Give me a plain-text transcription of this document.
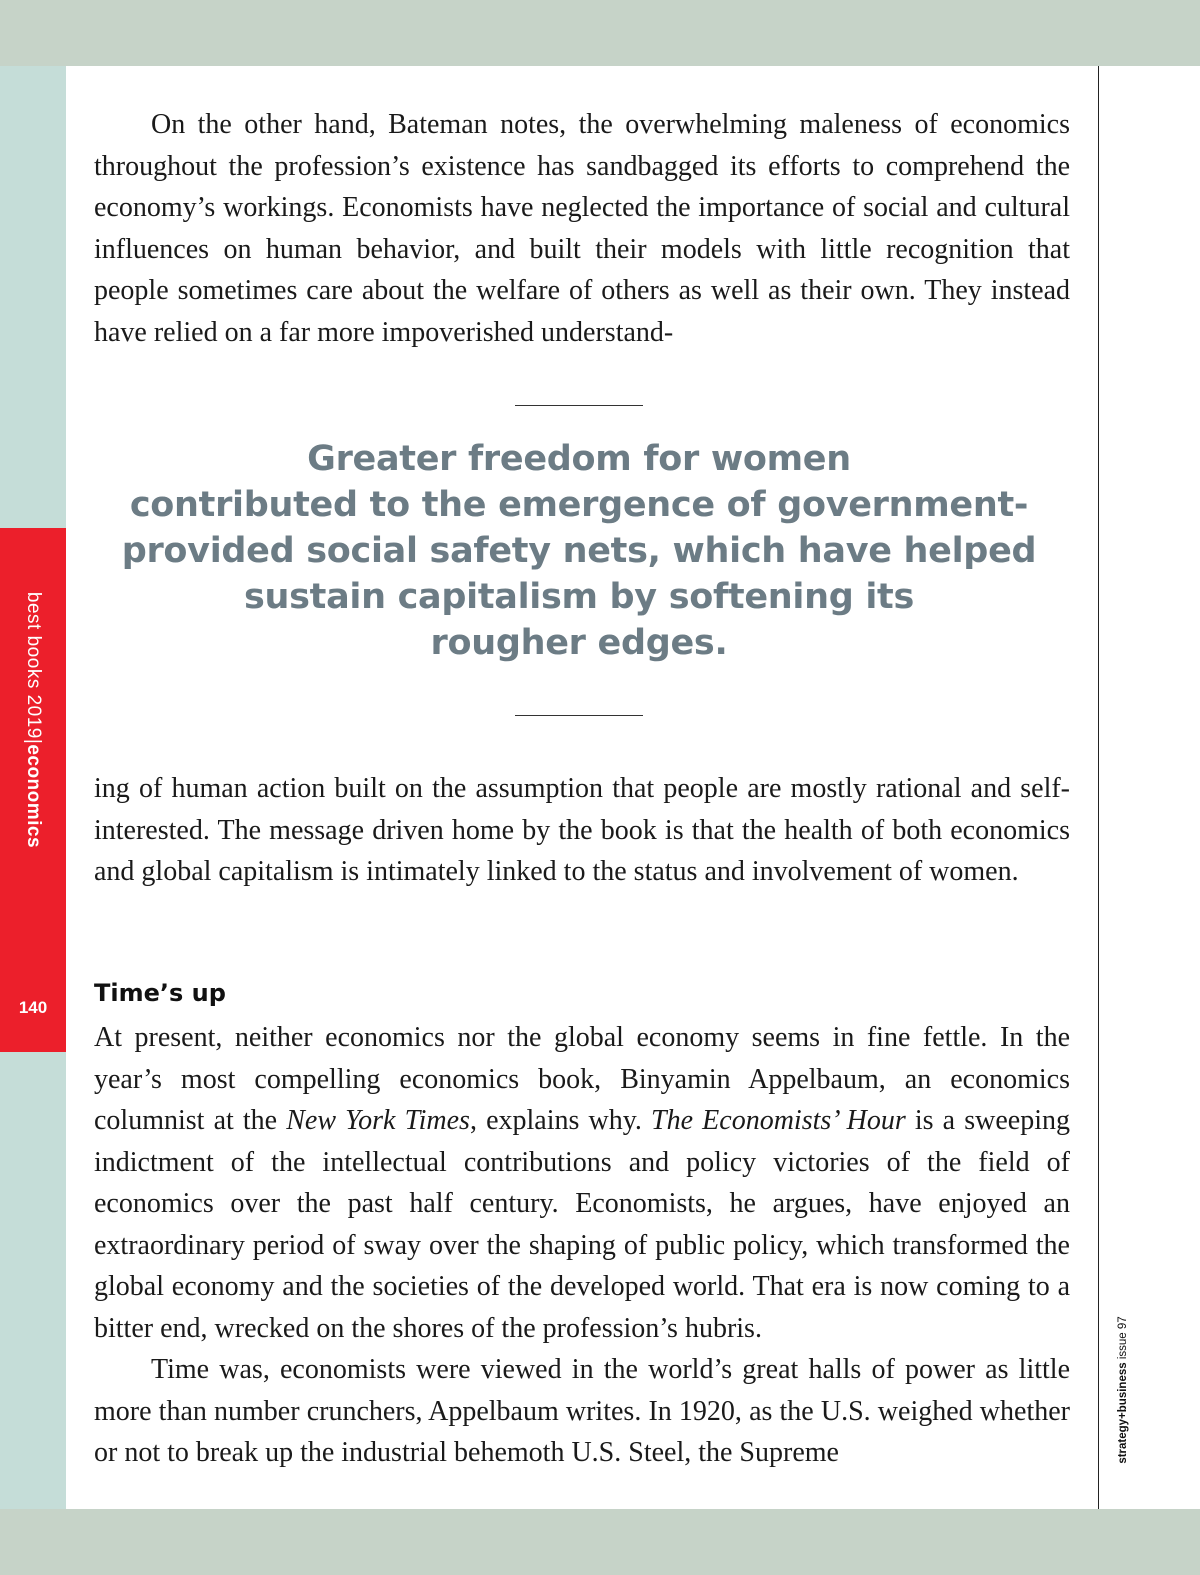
best books 2019|economics
140
strategy+business issue 97

On the other hand, Bateman notes, the overwhelming maleness of economics throughout the profession’s existence has sandbagged its efforts to comprehend the economy’s workings. Economists have neglected the importance of social and cultural influences on human behavior, and built their models with little recognition that people sometimes care about the welfare of others as well as their own. They instead have relied on a far more impoverished understand-

Greater freedom for women
contributed to the emergence of government-
provided social safety nets, which have helped
sustain capitalism by softening its
rougher edges.

ing of human action built on the assumption that people are mostly rational and self-interested. The message driven home by the book is that the health of both economics and global capitalism is intimately linked to the status and involvement of women.

Time’s up

At present, neither economics nor the global economy seems in fine fettle. In the year’s most compelling economics book, Binyamin Appelbaum, an economics columnist at the New York Times, explains why. The Economists’ Hour is a sweeping indictment of the intellectual contributions and policy victories of the field of economics over the past half century. Economists, he argues, have enjoyed an extraordinary period of sway over the shaping of public policy, which transformed the global economy and the societies of the developed world. That era is now coming to a bitter end, wrecked on the shores of the profession’s hubris.

Time was, economists were viewed in the world’s great halls of power as little more than number crunchers, Appelbaum writes. In 1920, as the U.S. weighed whether or not to break up the industrial behemoth U.S. Steel, the Supreme
